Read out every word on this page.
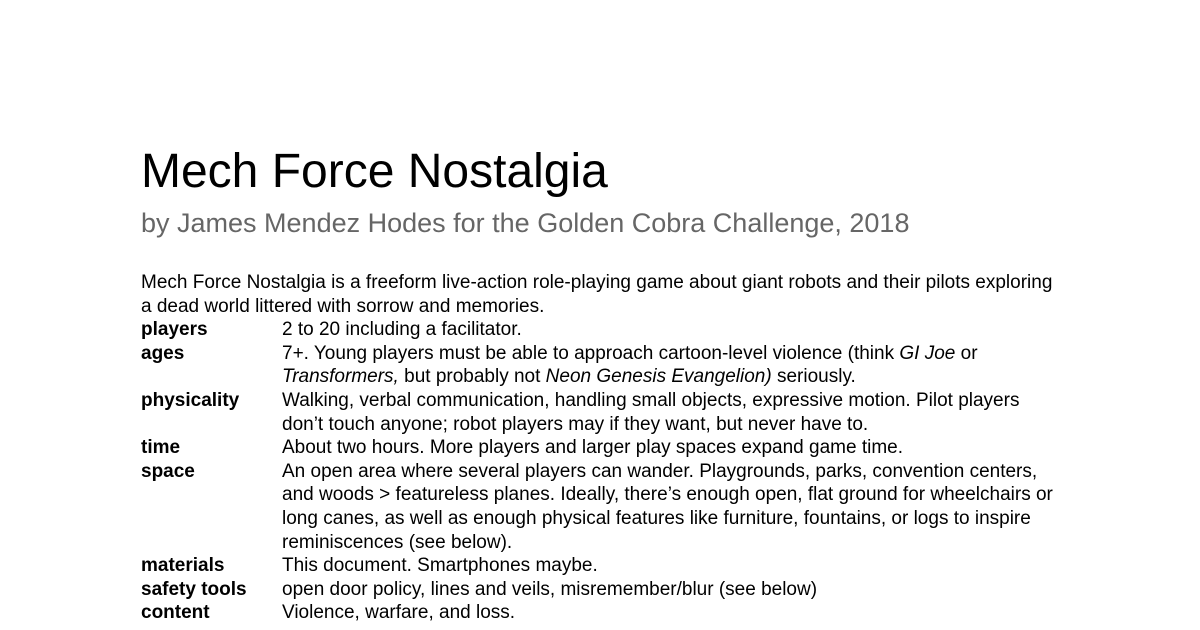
Mech Force Nostalgia

by James Mendez Hodes for the Golden Cobra Challenge, 2018

Mech Force Nostalgia is a freeform live-action role-playing game about giant robots and their pilots exploring a dead world littered with sorrow and memories.

players	2 to 20 including a facilitator.
ages	7+. Young players must be able to approach cartoon-level violence (think GI Joe or Transformers, but probably not Neon Genesis Evangelion) seriously.
physicality	Walking, verbal communication, handling small objects, expressive motion. Pilot players don’t touch anyone; robot players may if they want, but never have to.
time	About two hours. More players and larger play spaces expand game time.
space	An open area where several players can wander. Playgrounds, parks, convention centers, and woods > featureless planes. Ideally, there’s enough open, flat ground for wheelchairs or long canes, as well as enough physical features like furniture, fountains, or logs to inspire reminiscences (see below).
materials	This document. Smartphones maybe.
safety tools	open door policy, lines and veils, misremember/blur (see below)
content	Violence, warfare, and loss.
